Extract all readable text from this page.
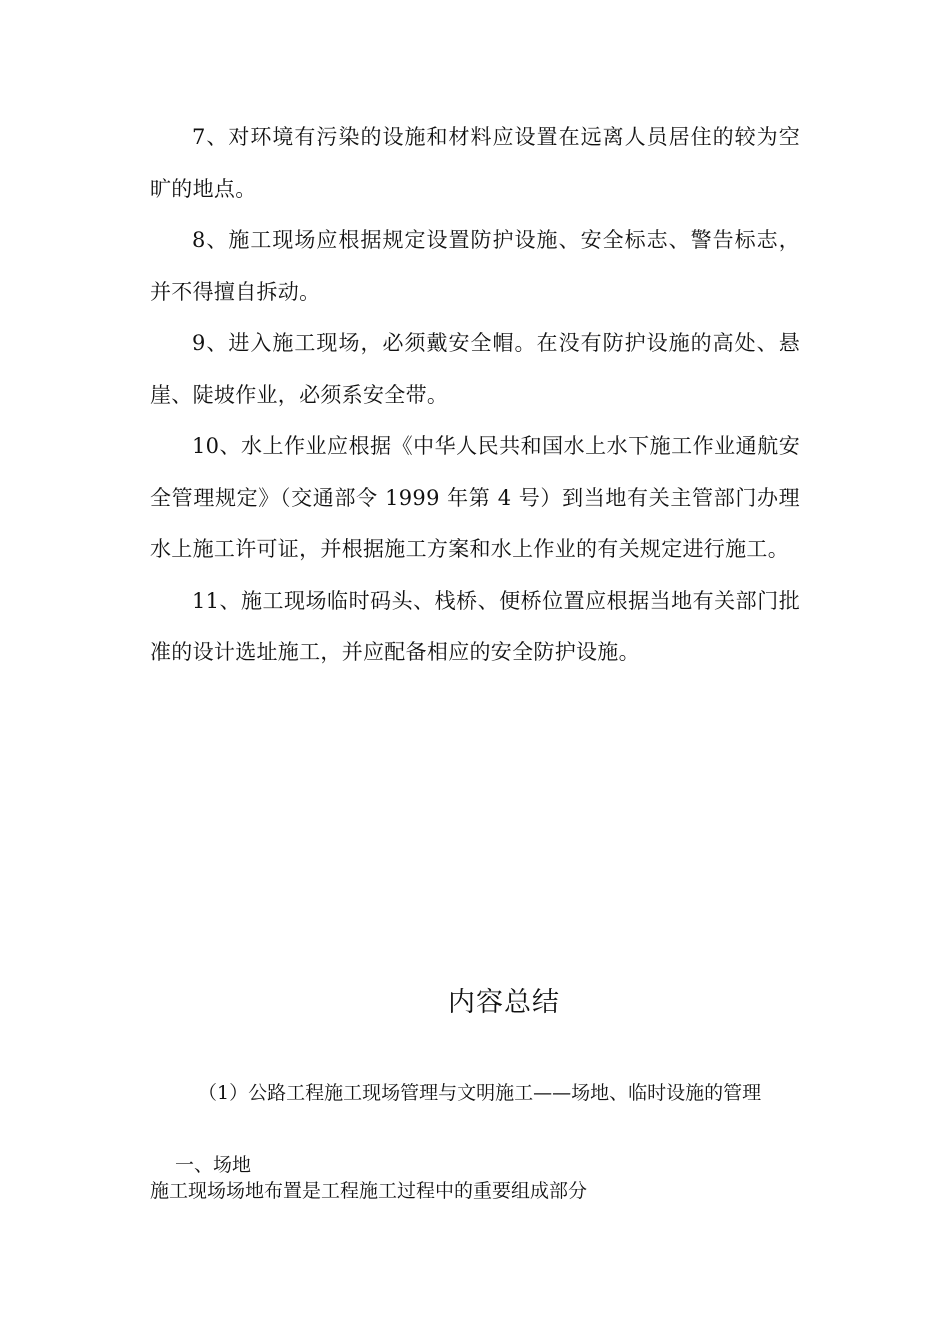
7、对环境有污染的设施和材料应设置在远离人员居住的较为空旷的地点。

8、施工现场应根据规定设置防护设施、安全标志、警告标志，并不得擅自拆动。

9、进入施工现场，必须戴安全帽。在没有防护设施的高处、悬崖、陡坡作业，必须系安全带。

10、水上作业应根据《中华人民共和国水上水下施工作业通航安全管理规定》（交通部令 1999 年第 4 号）到当地有关主管部门办理水上施工许可证，并根据施工方案和水上作业的有关规定进行施工。

11、施工现场临时码头、栈桥、便桥位置应根据当地有关部门批准的设计选址施工，并应配备相应的安全防护设施。

内容总结

（1）公路工程施工现场管理与文明施工——场地、临时设施的管理

一、场地

施工现场场地布置是工程施工过程中的重要组成部分
